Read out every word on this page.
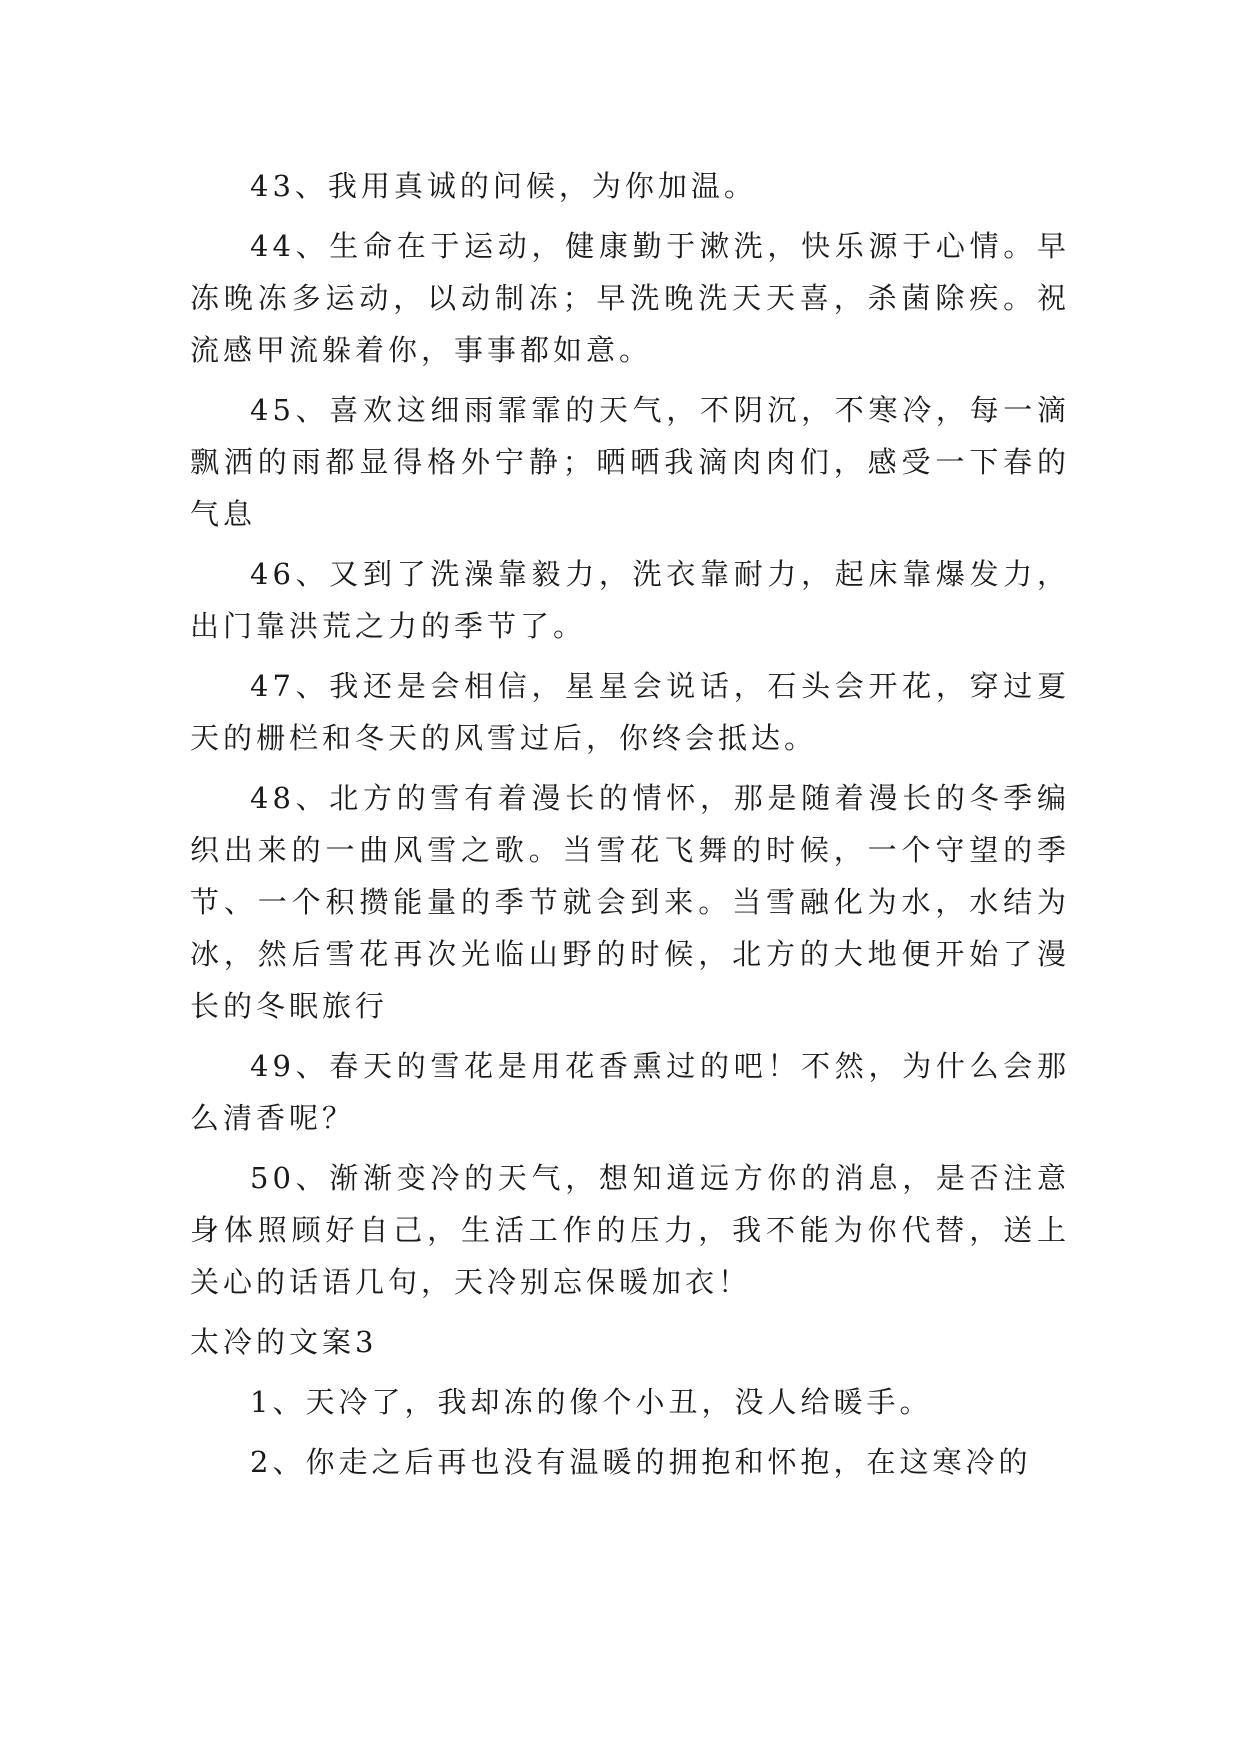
43、我用真诚的问候，为你加温。

44、生命在于运动，健康勤于漱洗，快乐源于心情。早冻晚冻多运动，以动制冻；早洗晚洗天天喜，杀菌除疾。祝流感甲流躲着你，事事都如意。

45、喜欢这细雨霏霏的天气，不阴沉，不寒冷，每一滴飘洒的雨都显得格外宁静；晒晒我滴肉肉们，感受一下春的气息

46、又到了洗澡靠毅力，洗衣靠耐力，起床靠爆发力，出门靠洪荒之力的季节了。

47、我还是会相信，星星会说话，石头会开花，穿过夏天的栅栏和冬天的风雪过后，你终会抵达。

48、北方的雪有着漫长的情怀，那是随着漫长的冬季编织出来的一曲风雪之歌。当雪花飞舞的时候，一个守望的季节、一个积攒能量的季节就会到来。当雪融化为水，水结为冰，然后雪花再次光临山野的时候，北方的大地便开始了漫长的冬眠旅行

49、春天的雪花是用花香熏过的吧！不然，为什么会那么清香呢？

50、渐渐变冷的天气，想知道远方你的消息，是否注意身体照顾好自己，生活工作的压力，我不能为你代替，送上关心的话语几句，天冷别忘保暖加衣！

太冷的文案3

1、天冷了，我却冻的像个小丑，没人给暖手。

2、你走之后再也没有温暖的拥抱和怀抱，在这寒冷的
